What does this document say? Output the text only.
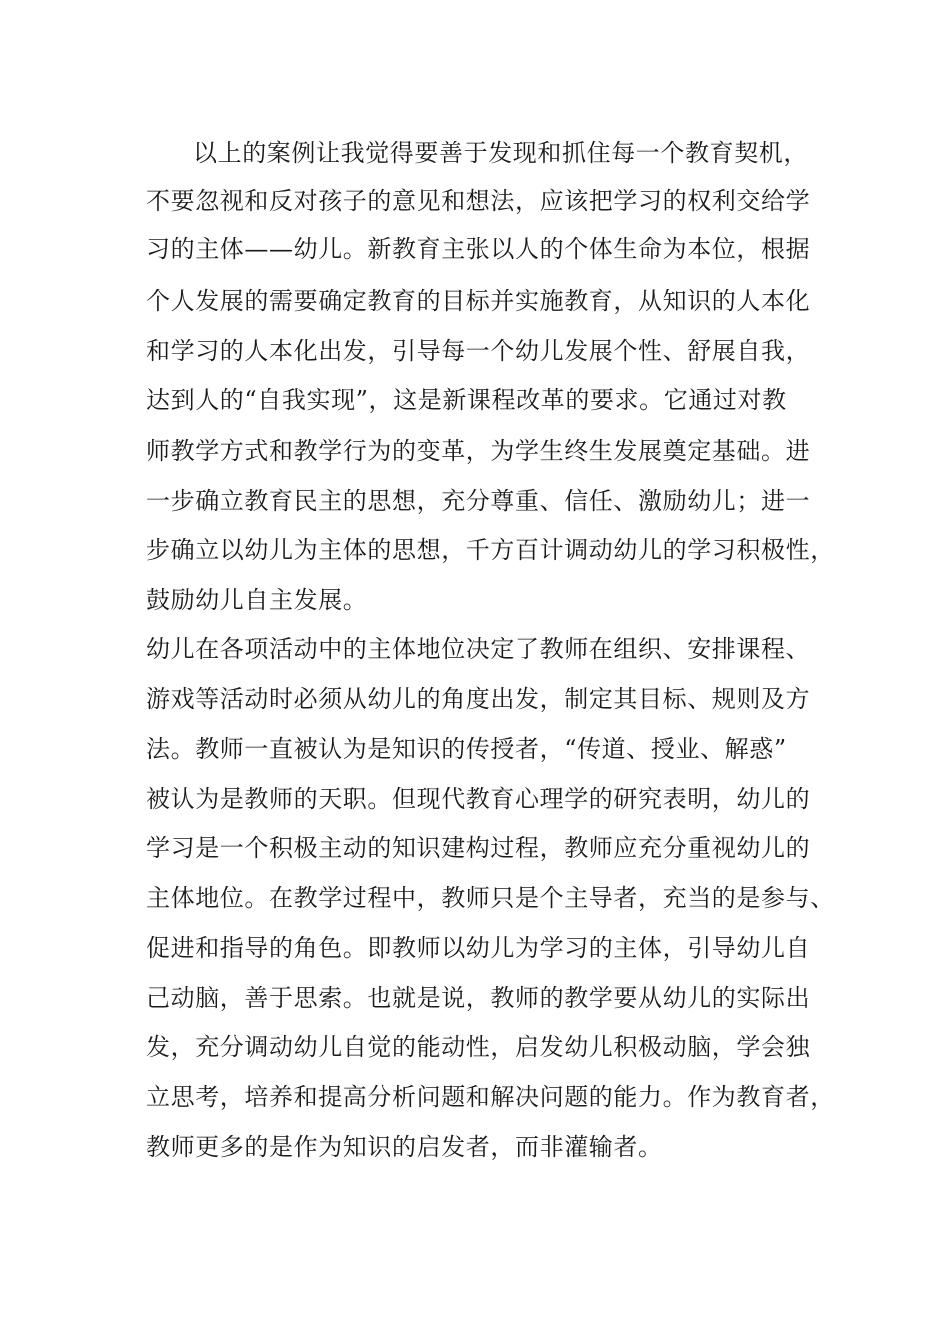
以上的案例让我觉得要善于发现和抓住每一个教育契机，
不要忽视和反对孩子的意见和想法，应该把学习的权利交给学
习的主体——幼儿。新教育主张以人的个体生命为本位，根据
个人发展的需要确定教育的目标并实施教育，从知识的人本化
和学习的人本化出发，引导每一个幼儿发展个性、舒展自我，
达到人的“自我实现”，这是新课程改革的要求。它通过对教
师教学方式和教学行为的变革，为学生终生发展奠定基础。进
一步确立教育民主的思想，充分尊重、信任、激励幼儿；进一
步确立以幼儿为主体的思想，千方百计调动幼儿的学习积极性，
鼓励幼儿自主发展。
幼儿在各项活动中的主体地位决定了教师在组织、安排课程、
游戏等活动时必须从幼儿的角度出发，制定其目标、规则及方
法。教师一直被认为是知识的传授者，“传道、授业、解惑”
被认为是教师的天职。但现代教育心理学的研究表明，幼儿的
学习是一个积极主动的知识建构过程，教师应充分重视幼儿的
主体地位。在教学过程中，教师只是个主导者，充当的是参与、
促进和指导的角色。即教师以幼儿为学习的主体，引导幼儿自
己动脑，善于思索。也就是说，教师的教学要从幼儿的实际出
发，充分调动幼儿自觉的能动性，启发幼儿积极动脑，学会独
立思考，培养和提高分析问题和解决问题的能力。作为教育者，
教师更多的是作为知识的启发者，而非灌输者。
